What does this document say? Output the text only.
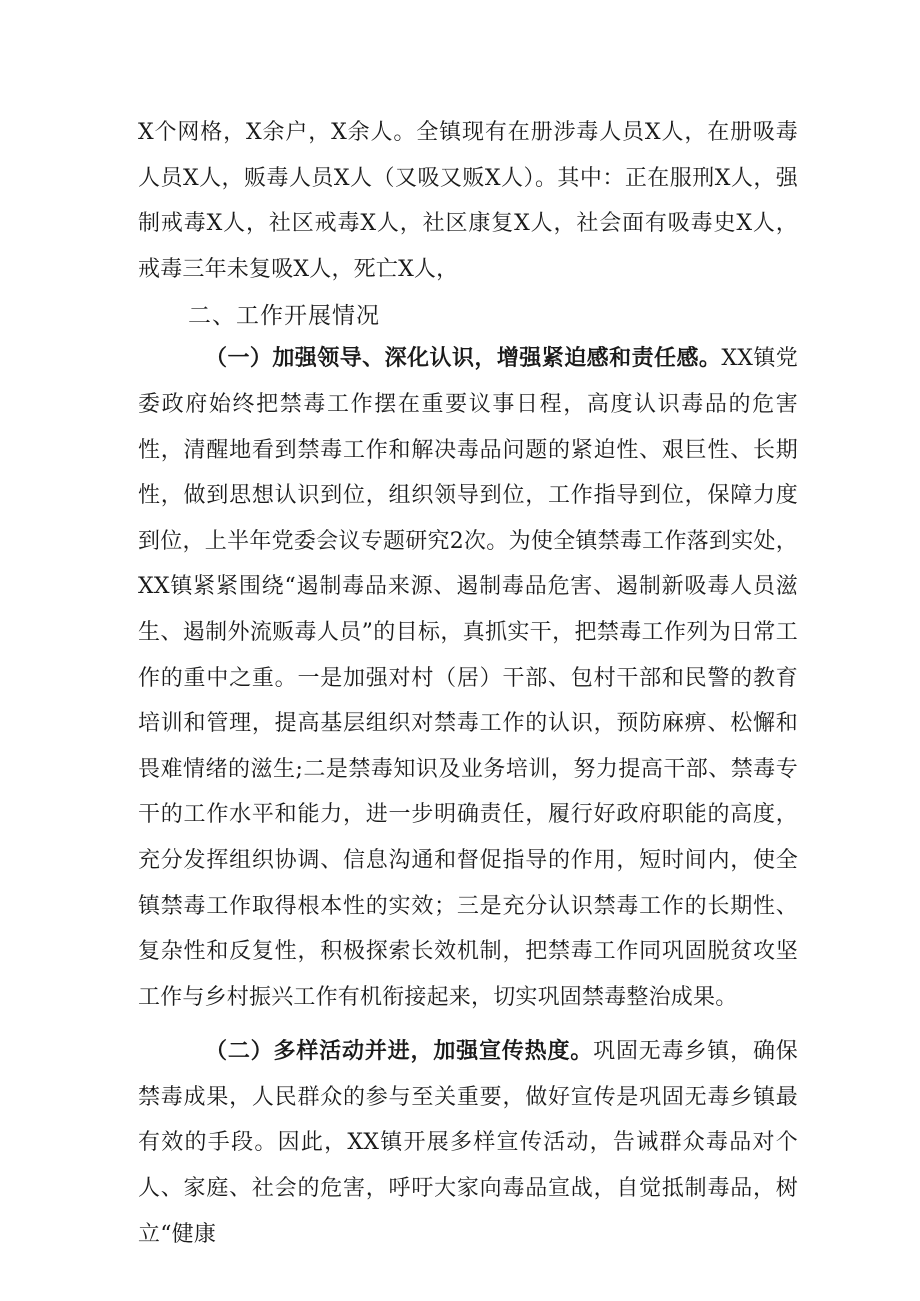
X个网格，X余户，X余人。全镇现有在册涉毒人员X人，在册吸毒人员X人，贩毒人员X人（又吸又贩X人）。其中：正在服刑X人，强制戒毒X人，社区戒毒X人，社区康复X人，社会面有吸毒史X人，戒毒三年未复吸X人，死亡X人，

二、工作开展情况

（一）加强领导、深化认识，增强紧迫感和责任感。XX镇党委政府始终把禁毒工作摆在重要议事日程，高度认识毒品的危害性，清醒地看到禁毒工作和解决毒品问题的紧迫性、艰巨性、长期性，做到思想认识到位，组织领导到位，工作指导到位，保障力度到位，上半年党委会议专题研究2次。为使全镇禁毒工作落到实处，XX镇紧紧围绕“遏制毒品来源、遏制毒品危害、遏制新吸毒人员滋生、遏制外流贩毒人员”的目标，真抓实干，把禁毒工作列为日常工作的重中之重。一是加强对村（居）干部、包村干部和民警的教育培训和管理，提高基层组织对禁毒工作的认识，预防麻痹、松懈和畏难情绪的滋生;二是禁毒知识及业务培训，努力提高干部、禁毒专干的工作水平和能力，进一步明确责任，履行好政府职能的高度，充分发挥组织协调、信息沟通和督促指导的作用，短时间内，使全镇禁毒工作取得根本性的实效；三是充分认识禁毒工作的长期性、复杂性和反复性，积极探索长效机制，把禁毒工作同巩固脱贫攻坚工作与乡村振兴工作有机衔接起来，切实巩固禁毒整治成果。

（二）多样活动并进，加强宣传热度。巩固无毒乡镇，确保禁毒成果，人民群众的参与至关重要，做好宣传是巩固无毒乡镇最有效的手段。因此，XX镇开展多样宣传活动，告诫群众毒品对个人、家庭、社会的危害，呼吁大家向毒品宣战，自觉抵制毒品，树立“健康
